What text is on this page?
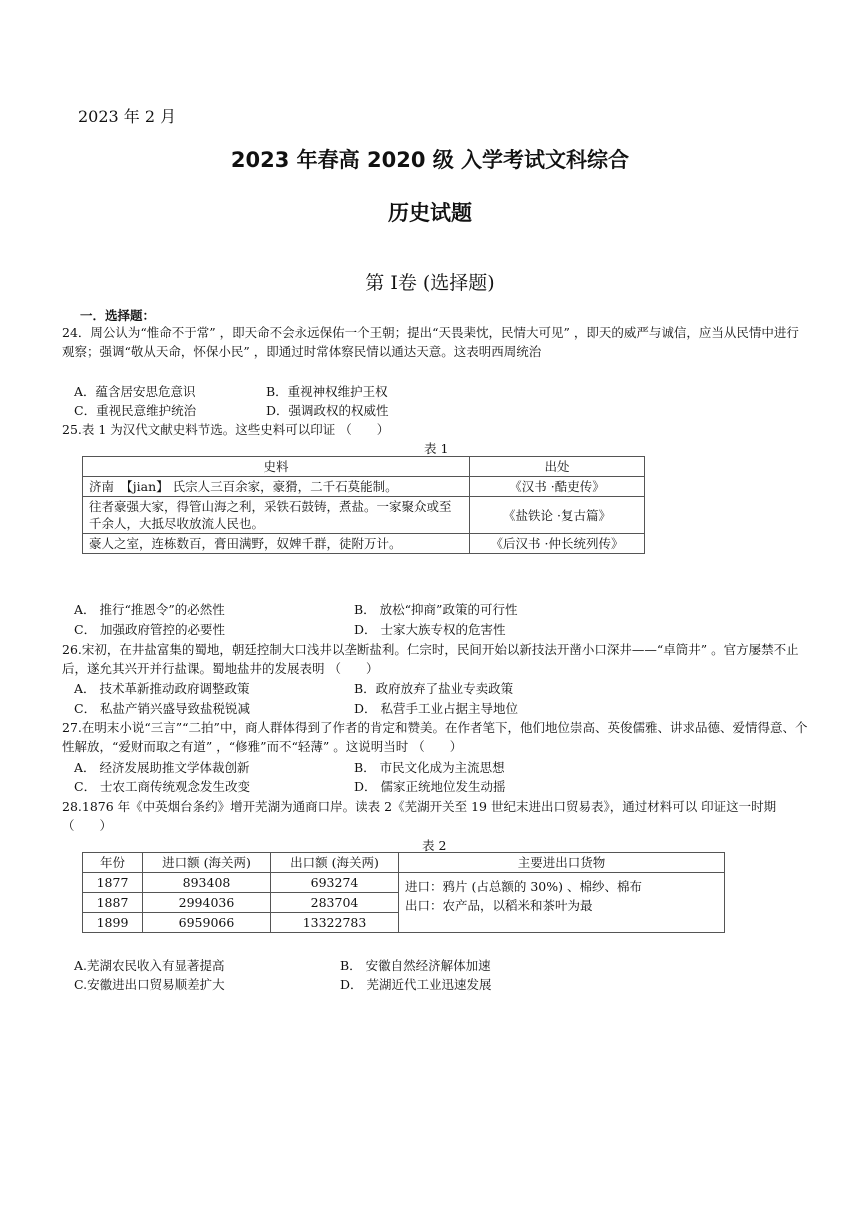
2023 年 2 月
2023 年春高 2020 级 入学考试文科综合
历史试题
第 Ⅰ卷 (选择题)
一．选择题：
24．周公认为“惟命不于常” ，即天命不会永远保佑一个王朝；提出“天畏棐忱，民情大可见” ，即天的威严与诚信，应当从民情中进行观察；强调“敬从天命，怀保小民” ，即通过时常体察民情以通达天意。这表明西周统治
A．蕴含居安思危意识	B．重视神权维护王权
C．重视民意维护统治	D．强调政权的权威性
25.表 1 为汉代文献史料节选。这些史料可以印证 （　　）
表 1
史料	出处
济南　【jian】 氏宗人三百余家，豪猾，二千石莫能制。	《汉书 ·酷吏传》
往者豪强大家，得管山海之利，采铁石鼓铸，煮盐。一家聚众或至千余人，大抵尽收放流人民也。	《盐铁论 ·复古篇》
豪人之室，连栋数百，膏田满野，奴婢千群，徒附万计。	《后汉书 ·仲长统列传》
A． 推行“推恩令”的必然性	B． 放松“抑商”政策的可行性
C． 加强政府管控的必要性	D． 士家大族专权的危害性
26.宋初，在井盐富集的蜀地，朝廷控制大口浅井以垄断盐利。仁宗时，民间开始以新技法开凿小口深井——“卓筒井” 。官方屡禁不止后，遂允其兴开并行盐课。蜀地盐井的发展表明 （　　）
A． 技术革新推动政府调整政策	B．政府放弃了盐业专卖政策
C． 私盐产销兴盛导致盐税锐减	D． 私营手工业占据主导地位
27.在明末小说“三言”“二拍”中，商人群体得到了作者的肯定和赞美。在作者笔下，他们地位崇高、英俊儒雅、讲求品德、爱情得意、个性解放，“爱财而取之有道” ，“修雅”而不“轻薄” 。这说明当时 （　　）
A． 经济发展助推文学体裁创新	B． 市民文化成为主流思想
C． 士农工商传统观念发生改变	D． 儒家正统地位发生动摇
28.1876 年《中英烟台条约》增开芜湖为通商口岸。读表 2《芜湖开关至 19 世纪末进出口贸易表》，通过材料可以 印证这一时期 （　　）
表 2
年份	进口额 (海关两)	出口额 (海关两)	主要进出口货物
1877	893408	693274	进口：鸦片 (占总额的 30%) 、棉纱、棉布
出口：农产品，以稻米和茶叶为最

1887	2994036	283704	
1899	6959066	13322783	
A.芜湖农民收入有显著提高	B． 安徽自然经济解体加速
C.安徽进出口贸易顺差扩大	D． 芜湖近代工业迅速发展
